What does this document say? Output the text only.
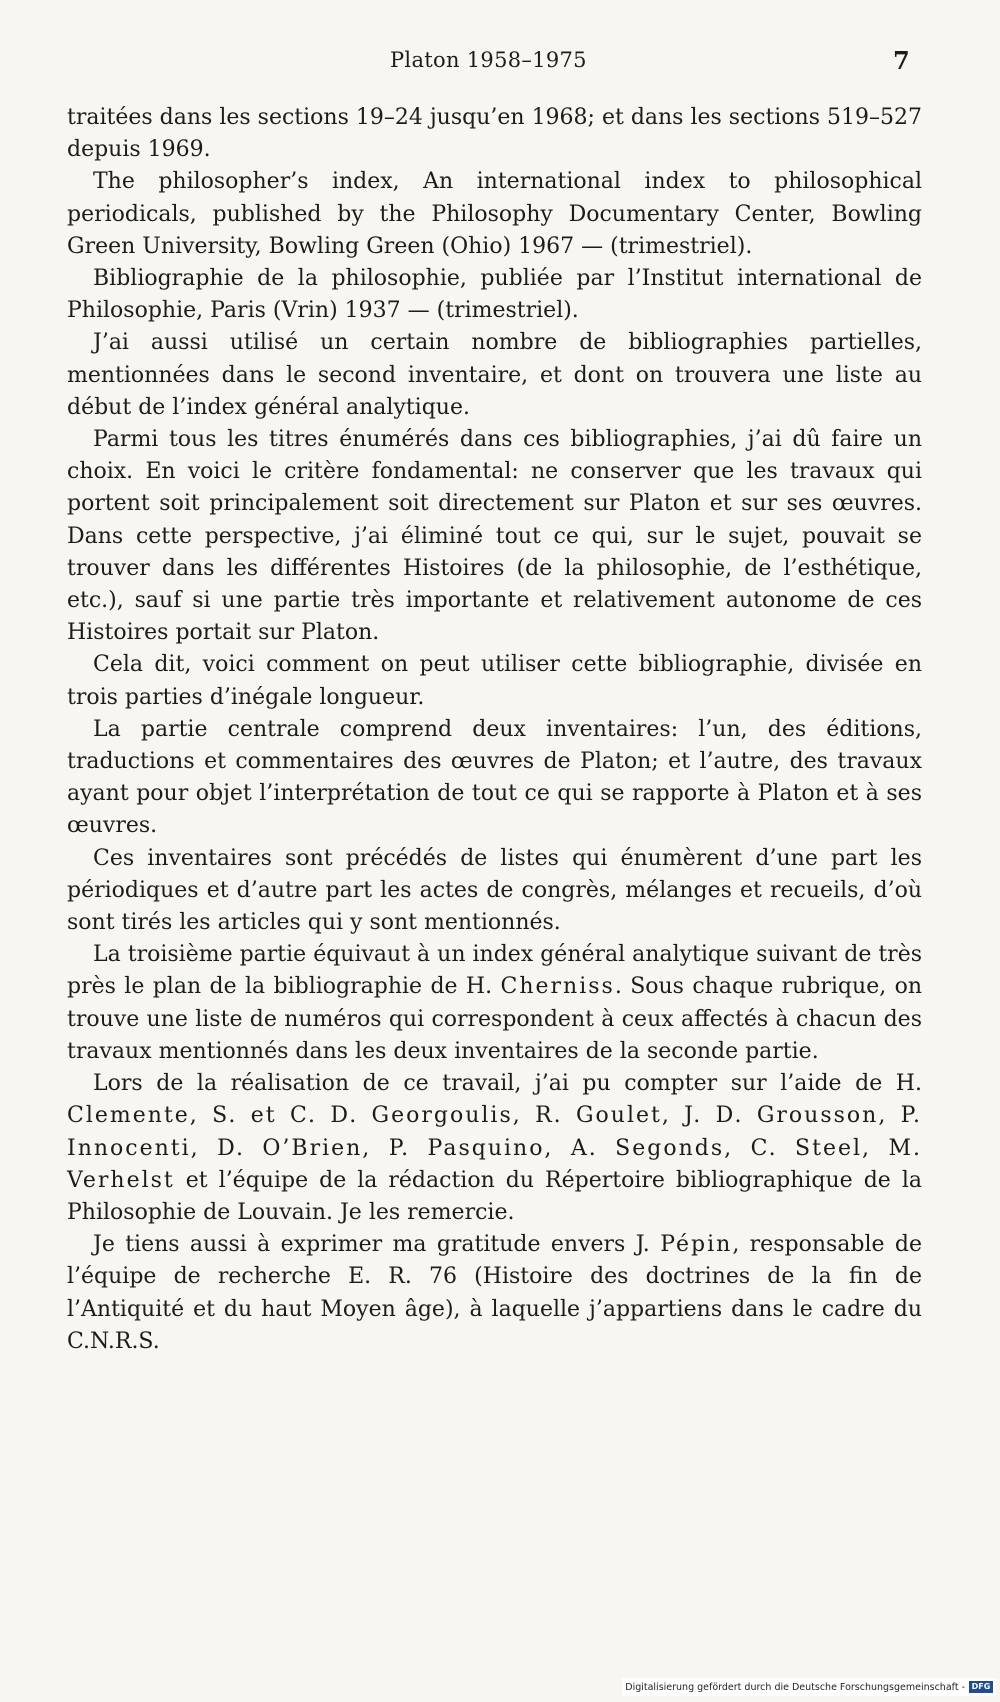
Platon 1958–1975	7

traitées dans les sections 19–24 jusqu’en 1968; et dans les sections 519–527 depuis 1969.

The philosopher’s index, An international index to philosophical periodicals, published by the Philosophy Documentary Center, Bowling Green University, Bowling Green (Ohio) 1967 — (trimestriel).

Bibliographie de la philosophie, publiée par l’Institut international de Philosophie, Paris (Vrin) 1937 — (trimestriel).

J’ai aussi utilisé un certain nombre de bibliographies partielles, mentionnées dans le second inventaire, et dont on trouvera une liste au début de l’index général analytique.

Parmi tous les titres énumérés dans ces bibliographies, j’ai dû faire un choix. En voici le critère fondamental: ne conserver que les travaux qui portent soit principalement soit directement sur Platon et sur ses œuvres. Dans cette perspective, j’ai éliminé tout ce qui, sur le sujet, pouvait se trouver dans les différentes Histoires (de la philosophie, de l’esthétique, etc.), sauf si une partie très importante et relativement autonome de ces Histoires portait sur Platon.

Cela dit, voici comment on peut utiliser cette bibliographie, divisée en trois parties d’inégale longueur.

La partie centrale comprend deux inventaires: l’un, des éditions, traductions et commentaires des œuvres de Platon; et l’autre, des travaux ayant pour objet l’interprétation de tout ce qui se rapporte à Platon et à ses œuvres.

Ces inventaires sont précédés de listes qui énumèrent d’une part les périodiques et d’autre part les actes de congrès, mélanges et recueils, d’où sont tirés les articles qui y sont mentionnés.

La troisième partie équivaut à un index général analytique suivant de très près le plan de la bibliographie de H. Cherniss. Sous chaque rubrique, on trouve une liste de numéros qui correspondent à ceux affectés à chacun des travaux mentionnés dans les deux inventaires de la seconde partie.

Lors de la réalisation de ce travail, j’ai pu compter sur l’aide de H. Clemente, S. et C. D. Georgoulis, R. Goulet, J. D. Grousson, P. Innocenti, D. O’Brien, P. Pasquino, A. Segonds, C. Steel, M. Verhelst et l’équipe de la rédaction du Répertoire bibliographique de la Philosophie de Louvain. Je les remercie.

Je tiens aussi à exprimer ma gratitude envers J. Pépin, responsable de l’équipe de recherche E. R. 76 (Histoire des doctrines de la fin de l’Antiquité et du haut Moyen âge), à laquelle j’appartiens dans le cadre du C.N.R.S.

Digitalisierung gefördert durch die Deutsche Forschungsgemeinschaft - DFG
